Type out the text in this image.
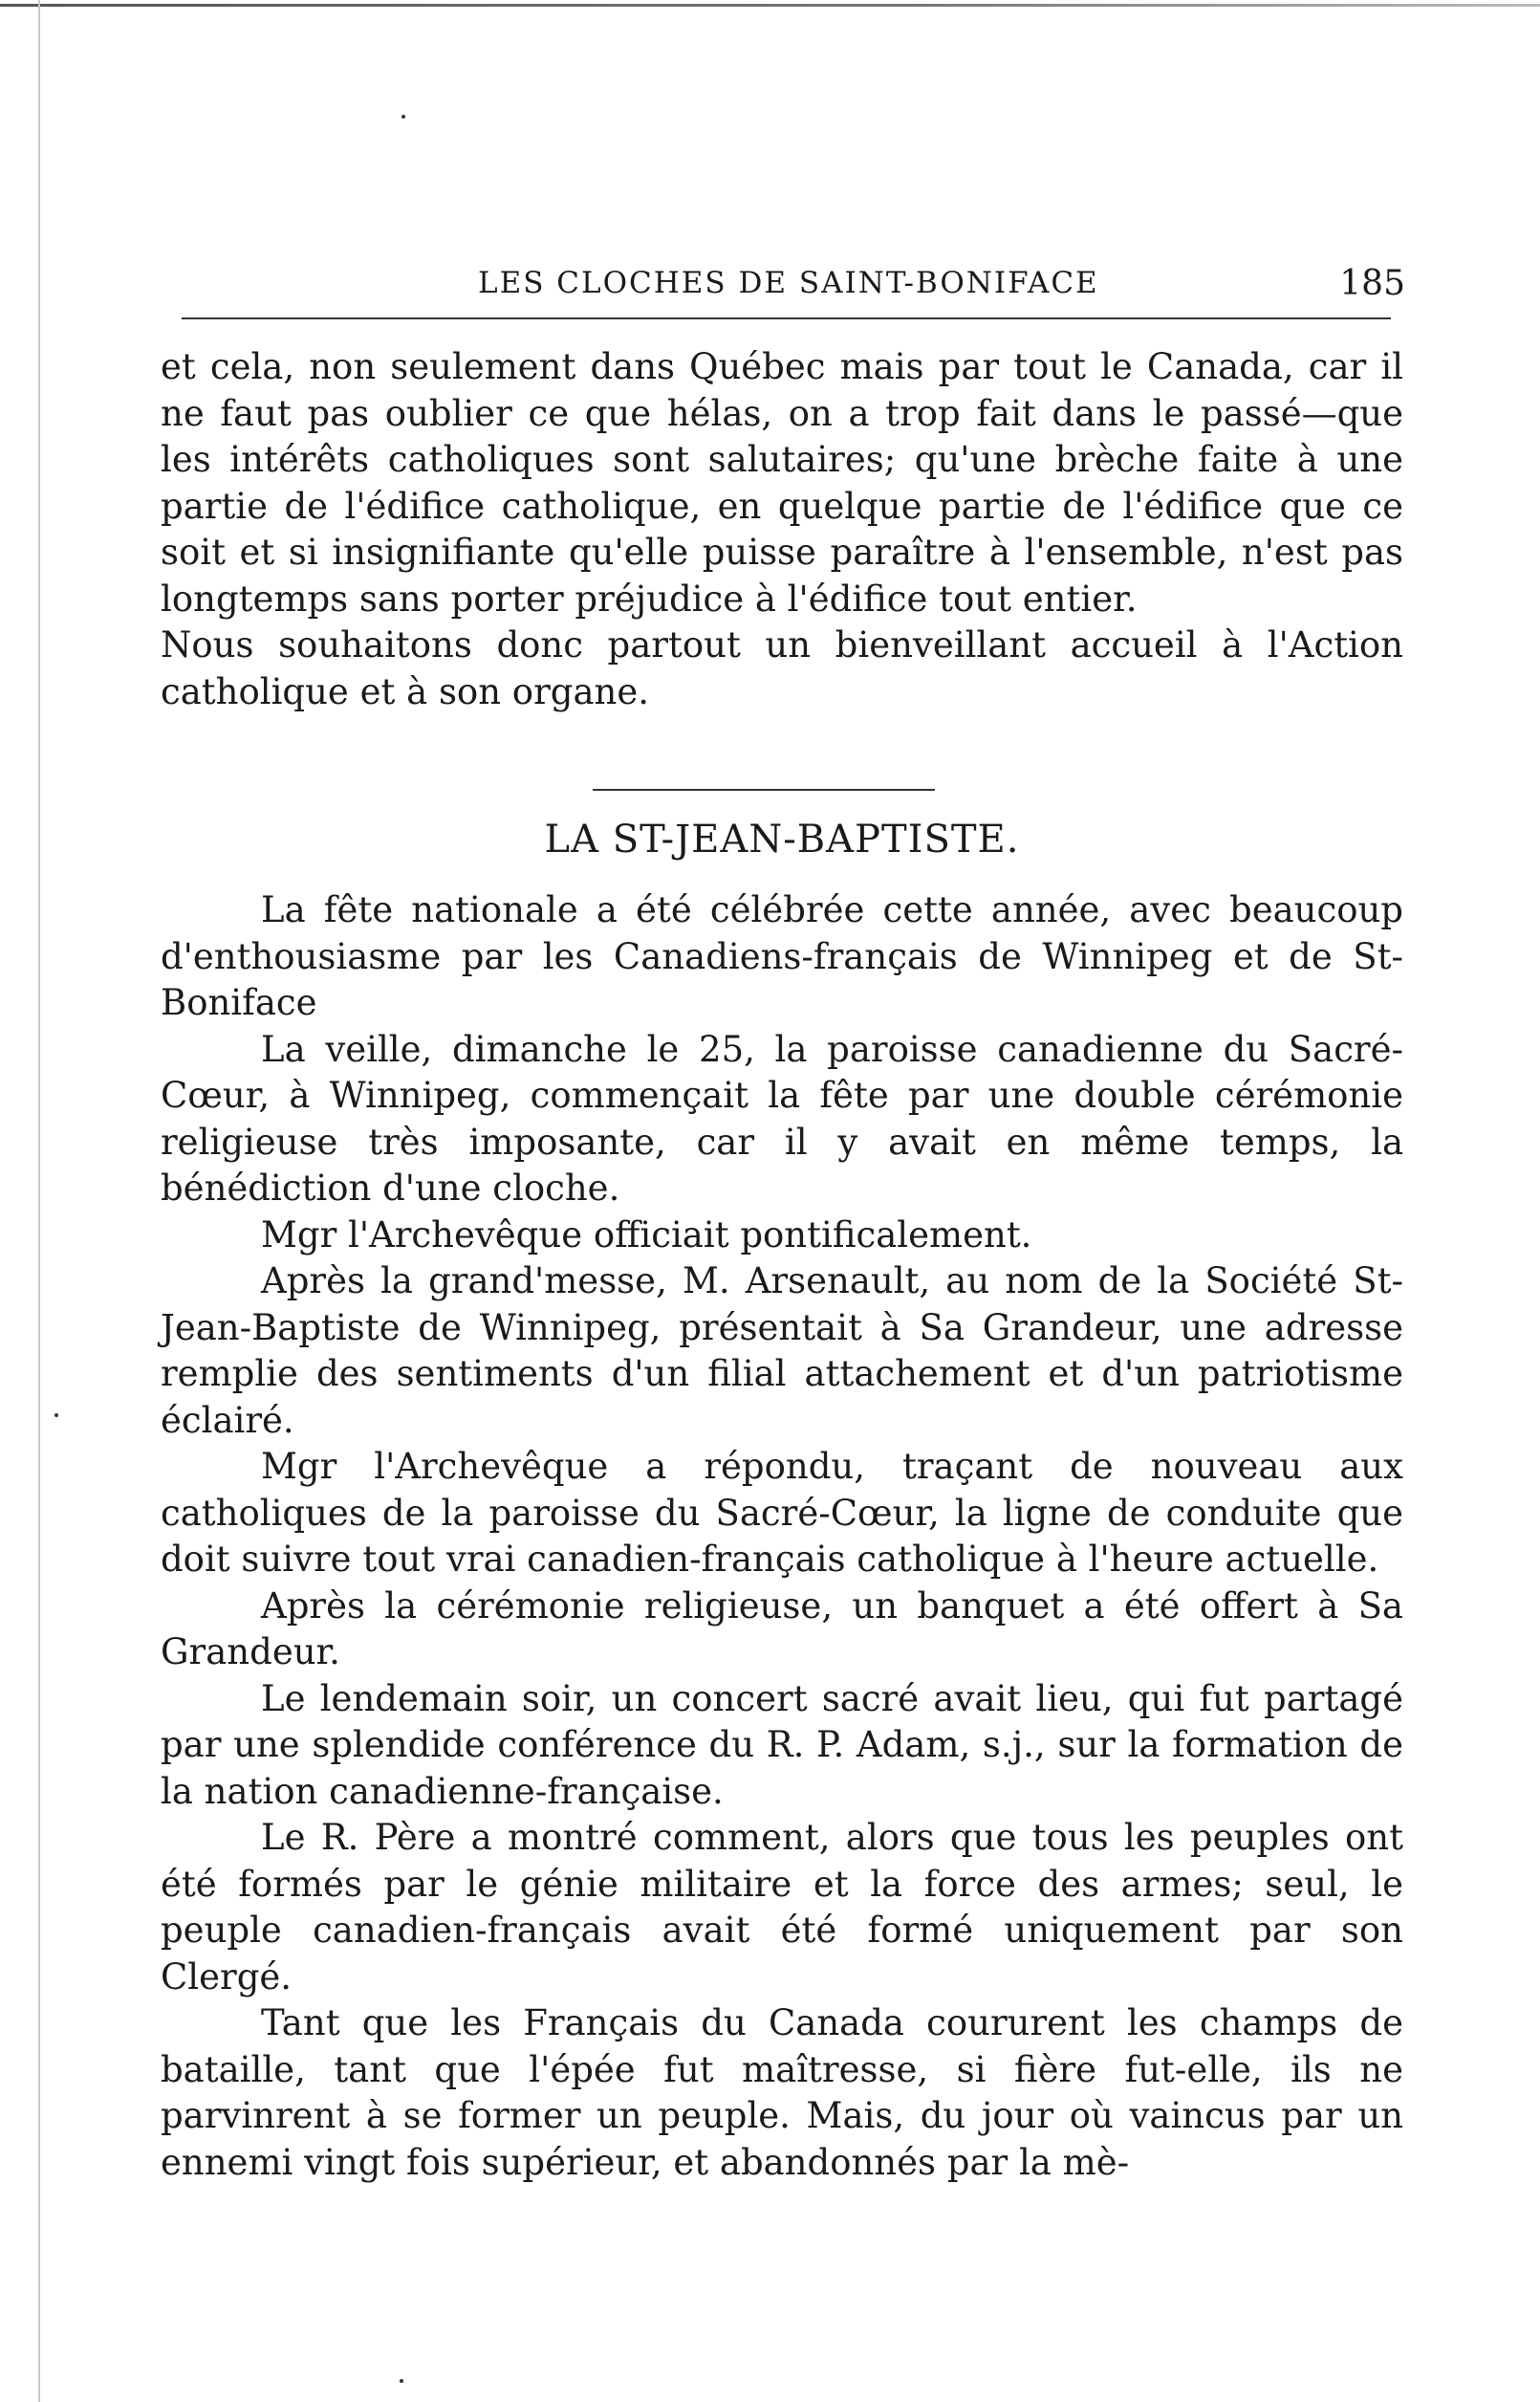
LES CLOCHES DE SAINT-BONIFACE	185

et cela, non seulement dans Québec mais par tout le Canada, car il ne faut pas oublier ce que hélas, on a trop fait dans le passé—que les intérêts catholiques sont salutaires; qu'une brèche faite à une partie de l'édifice catholique, en quelque partie de l'édifice que ce soit et si insignifiante qu'elle puisse paraître à l'ensemble, n'est pas longtemps sans porter préjudice à l'édifice tout entier.

Nous souhaitons donc partout un bienveillant accueil à l'Action catholique et à son organe.

LA ST-JEAN-BAPTISTE.

La fête nationale a été célébrée cette année, avec beaucoup d'enthousiasme par les Canadiens-français de Winnipeg et de St-Boniface

La veille, dimanche le 25, la paroisse canadienne du Sacré-Cœur, à Winnipeg, commençait la fête par une double cérémonie religieuse très imposante, car il y avait en même temps, la bénédiction d'une cloche.

Mgr l'Archevêque officiait pontificalement.

Après la grand'messe, M. Arsenault, au nom de la Société St-Jean-Baptiste de Winnipeg, présentait à Sa Grandeur, une adresse remplie des sentiments d'un filial attachement et d'un patriotisme éclairé.

Mgr l'Archevêque a répondu, traçant de nouveau aux catholiques de la paroisse du Sacré-Cœur, la ligne de conduite que doit suivre tout vrai canadien-français catholique à l'heure actuelle.

Après la cérémonie religieuse, un banquet a été offert à Sa Grandeur.

Le lendemain soir, un concert sacré avait lieu, qui fut partagé par une splendide conférence du R. P. Adam, s.j., sur la formation de la nation canadienne-française.

Le R. Père a montré comment, alors que tous les peuples ont été formés par le génie militaire et la force des armes; seul, le peuple canadien-français avait été formé uniquement par son Clergé.

Tant que les Français du Canada coururent les champs de bataille, tant que l'épée fut maîtresse, si fière fut-elle, ils ne parvinrent à se former un peuple. Mais, du jour où vaincus par un ennemi vingt fois supérieur, et abandonnés par la mè-
